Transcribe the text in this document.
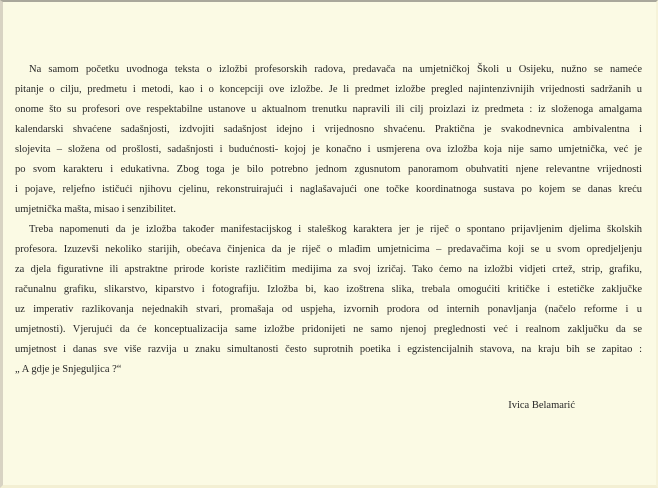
Na samom početku uvodnoga teksta o izložbi profesorskih radova, predavača na umjetničkoj Školi u Osijeku, nužno se nameće
pitanje o cilju, predmetu i metodi, kao i o koncepciji ove izložbe. Je li predmet izložbe pregled najintenzivnijih vrijednosti sadržanih u
onome što su profesori ove respektabilne ustanove u aktualnom trenutku napravili ili cilj proizlazi iz predmeta : iz složenoga amalgama
kalendarski shvaćene sadašnjosti, izdvojiti sadašnjost idejno i vrijednosno shvaćenu. Praktična je svakodnevnica ambivalentna i
slojevita – složena od prošlosti, sadašnjosti i budućnosti- kojoj je konačno i usmjerena ova izložba koja nije samo umjetnička, već je
po svom karakteru i edukativna. Zbog toga je bilo potrebno jednom zgusnutom panoramom obuhvatiti njene relevantne vrijednosti
i pojave, reljefno ističući njihovu cjelinu, rekonstruirajući i naglašavajući one točke koordinatnoga sustava po kojem se danas kreću
umjetnička mašta, misao i senzibilitet.
Treba napomenuti da je izložba također manifestacijskog i staleškog karaktera jer je riječ o spontano prijavljenim djelima školskih
profesora. Izuzevši nekoliko starijih, obećava činjenica da je riječ o mlađim umjetnicima – predavačima koji se u svom opredjeljenju
za djela figurativne ili apstraktne prirode koriste različitim medijima za svoj izričaj. Tako ćemo na izložbi vidjeti crtež, strip, grafiku,
računalnu grafiku, slikarstvo, kiparstvo i fotografiju. Izložba bi, kao izoštrena slika, trebala omogućiti kritičke i estetičke zaključke
uz imperativ razlikovanja nejednakih stvari, promašaja od uspjeha, izvornih prodora od internih ponavljanja (načelo reforme i u
umjetnosti). Vjerujući da će konceptualizacija same izložbe pridonijeti ne samo njenoj preglednosti već i realnom zaključku da se
umjetnost i danas sve više razvija u znaku simultanosti često suprotnih poetika i egzistencijalnih stavova, na kraju bih se zapitao :
„ A gdje je Snjeguljica ?“
Ivica Belamarić
